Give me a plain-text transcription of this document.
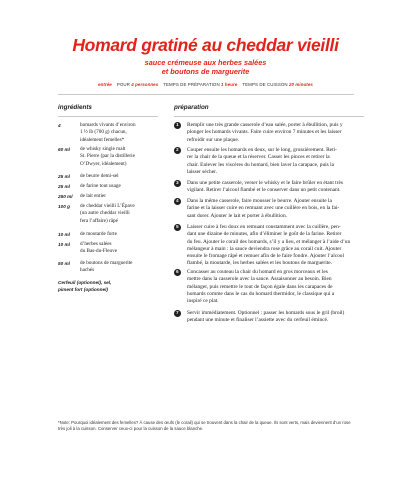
Homard gratiné au cheddar vieilli
sauce crémeuse aux herbes salées
et boutons de marguerite
entrée POUR 4 personnes TEMPS DE PRÉPARATION 1 heure TEMPS DE CUISSON 20 minutes
ingrédients	préparation
4	homards vivants d’environ
1 ½ lb (700 g) chacun,
idéalement femelles*
60 ml	de whisky single malt
St. Pierre (par la distillerie
O’Dwyer, idéalement)
25 ml	de beurre demi-sel
25 ml	de farine tout usage
250 ml	de lait entier
100 g	de cheddar vieilli L’Épave
(un autre cheddar vieilli
fera l’affaire) râpé
10 ml	de moutarde forte
10 ml	d’herbes salées
du Bas-du-Fleuve
50 ml	de boutons de marguerite
hachés
Cerfeuil (optionnel), sel,
piment fort (optionnel)
1	Remplir une très grande casserole d’eau salée, porter à ébullition, puis y
plonger les homards vivants. Faire cuire environ 7 minutes et les laisser
refroidir sur une plaque.
2	Couper ensuite les homards en deux, sur le long, grossièrement. Reti-
rer la chair de la queue et la réserver. Casser les pinces et retirer la
chair. Enlever les viscères du homard, bien laver la carapace, puis la
laisser sécher.
3	Dans une petite casserole, verser le whisky et le faire brûler en étant très
vigilant. Retirer l’alcool flambé et le conserver dans un petit contenant.
4	Dans la même casserole, faire mousser le beurre. Ajouter ensuite la
farine et la laisser cuire en remuant avec une cuillère en bois, en la fai-
sant dorer. Ajouter le lait et porter à ébullition.
5	Laisser cuire à feu doux en remuant constamment avec la cuillère, pen-
dant une dizaine de minutes, afin d’éliminer le goût de la farine. Retirer
du feu. Ajouter le corail des homards, s’il y a lieu, et mélanger à l’aide d’un
mélangeur à main : la sauce deviendra rose grâce au corail cuit. Ajouter
ensuite le fromage râpé et remuer afin de le faire fondre. Ajouter l’alcool
flambé, la moutarde, les herbes salées et les boutons de marguerite.
6	Concasser au couteau la chair du homard en gros morceaux et les
mettre dans la casserole avec la sauce. Assaisonner au besoin. Bien
mélanger, puis remettre le tout de façon égale dans les carapaces de
homards comme dans le cas du homard thermidor, le classique qui a
inspiré ce plat.
7	Servir immédiatement. Optionnel : passer les homards sous le gril (broil)
pendant une minute et finaliser l’assiette avec du cerfeuil émincé.
*Note: Pourquoi idéalement des femelles? À cause des œufs (le corail) qui se trouvent dans la chair de la queue. Ils sont verts, mais deviennent d’un rose
très joli à la cuisson. Conserver ceux-ci pour la cuisson de la sauce blanche.
